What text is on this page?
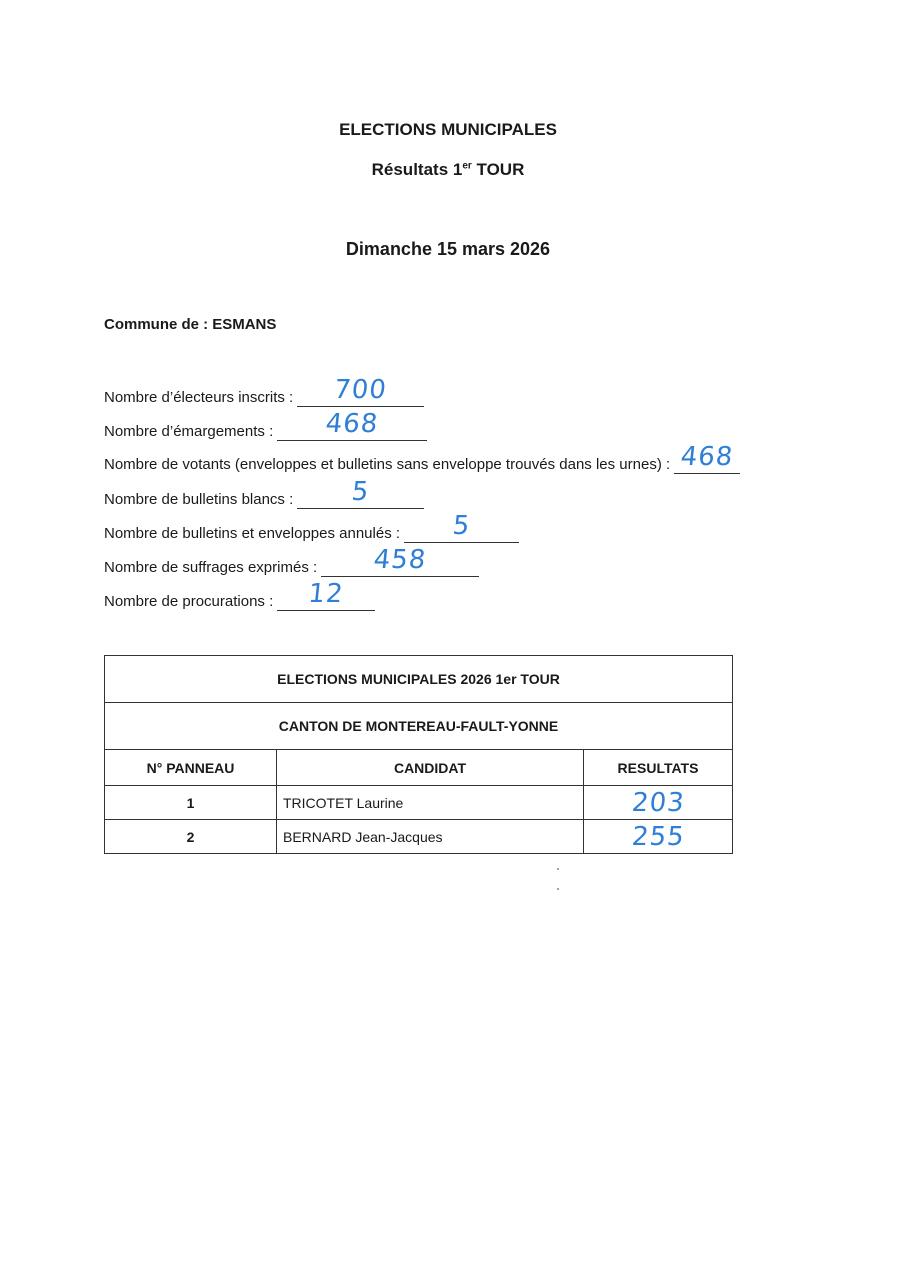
ELECTIONS MUNICIPALES
Résultats 1er TOUR
Dimanche 15 mars 2026
Commune de : ESMANS
Nombre d’électeurs inscrits :	700
Nombre d’émargements :	468
Nombre de votants (enveloppes et bulletins sans enveloppe trouvés dans les urnes) : 468
Nombre de bulletins blancs :	5
Nombre de bulletins et enveloppes annulés :	5
Nombre de suffrages exprimés :	458
Nombre de procurations :	12
ELECTIONS MUNICIPALES 2026 1er TOUR		
CANTON DE MONTEREAU-FAULT-YONNE		
N° PANNEAU	CANDIDAT	RESULTATS
1	TRICOTET Laurine	203
2	BERNARD Jean-Jacques	255
